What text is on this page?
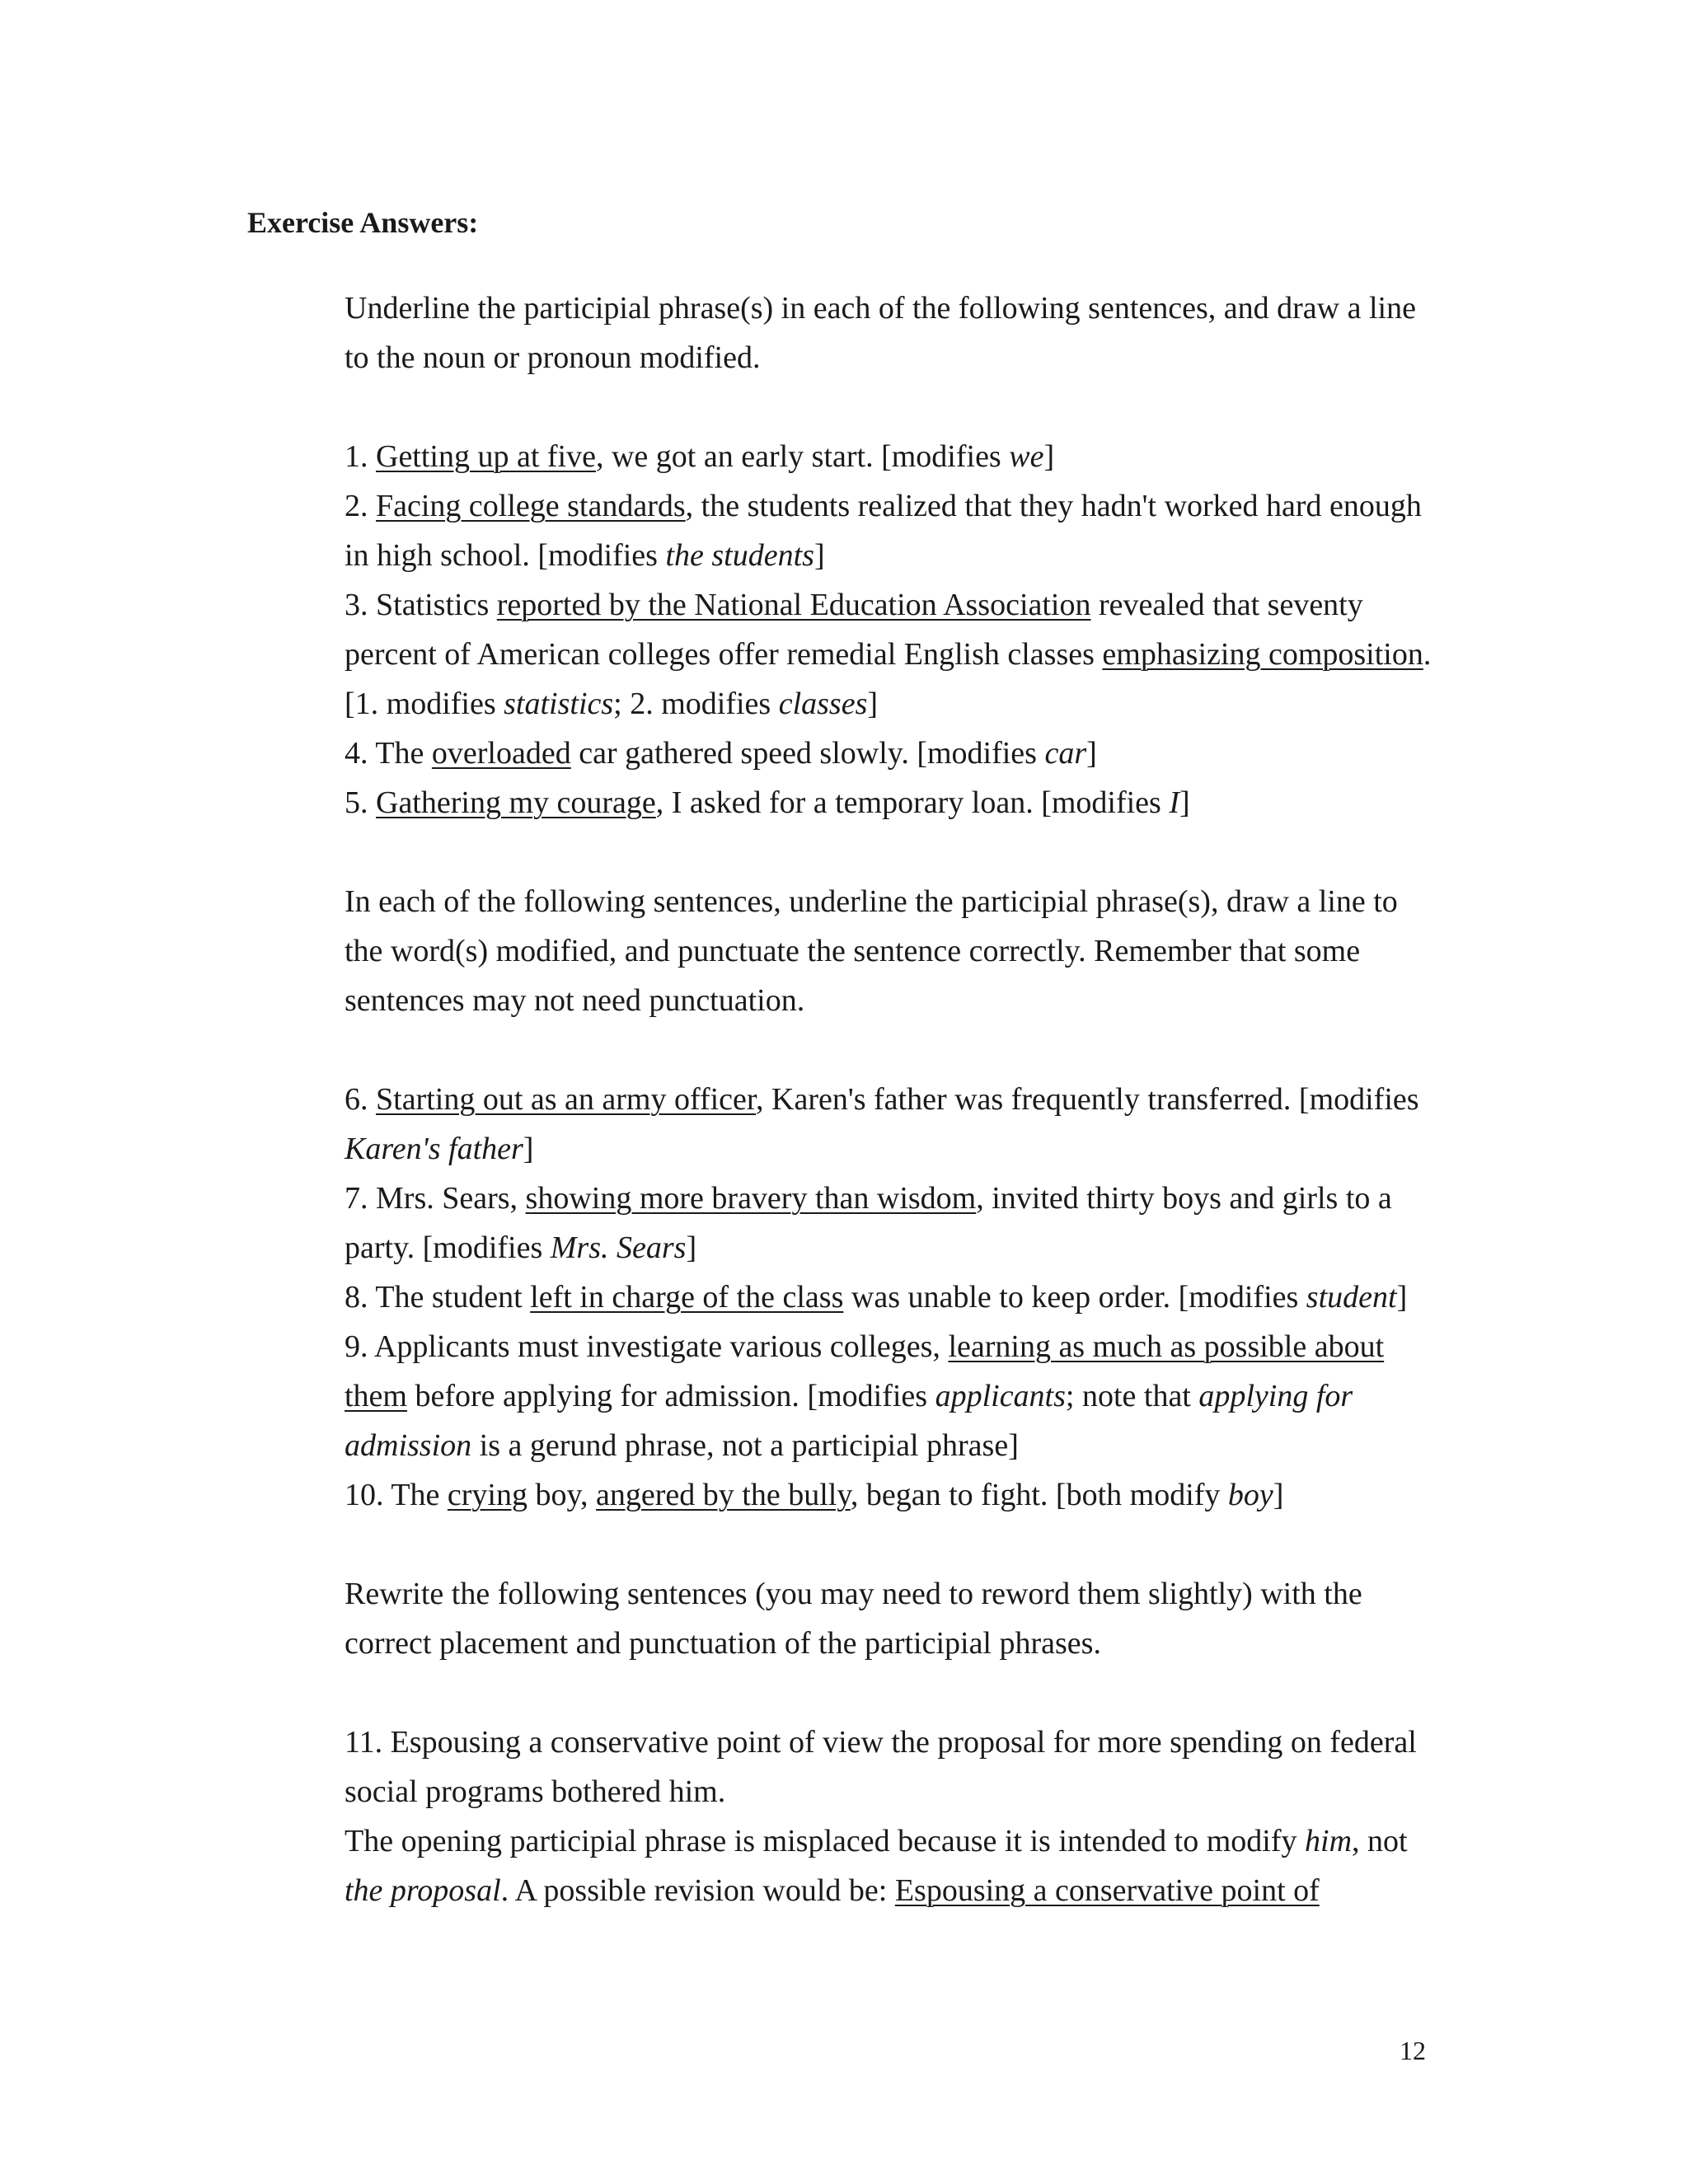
Exercise Answers:

Underline the participial phrase(s) in each of the following sentences, and draw a line to the noun or pronoun modified.

1. Getting up at five, we got an early start. [modifies we]

2. Facing college standards, the students realized that they hadn't worked hard enough in high school. [modifies the students]

3. Statistics reported by the National Education Association revealed that seventy percent of American colleges offer remedial English classes emphasizing composition. [1. modifies statistics; 2. modifies classes]

4. The overloaded car gathered speed slowly. [modifies car]

5. Gathering my courage, I asked for a temporary loan. [modifies I]

In each of the following sentences, underline the participial phrase(s), draw a line to the word(s) modified, and punctuate the sentence correctly. Remember that some sentences may not need punctuation.

6. Starting out as an army officer, Karen's father was frequently transferred. [modifies Karen's father]

7. Mrs. Sears, showing more bravery than wisdom, invited thirty boys and girls to a party. [modifies Mrs. Sears]

8. The student left in charge of the class was unable to keep order. [modifies student]

9. Applicants must investigate various colleges, learning as much as possible about them before applying for admission. [modifies applicants; note that applying for admission is a gerund phrase, not a participial phrase]

10. The crying boy, angered by the bully, began to fight. [both modify boy]

Rewrite the following sentences (you may need to reword them slightly) with the correct placement and punctuation of the participial phrases.

11. Espousing a conservative point of view the proposal for more spending on federal social programs bothered him.

The opening participial phrase is misplaced because it is intended to modify him, not the proposal. A possible revision would be: Espousing a conservative point of

12
